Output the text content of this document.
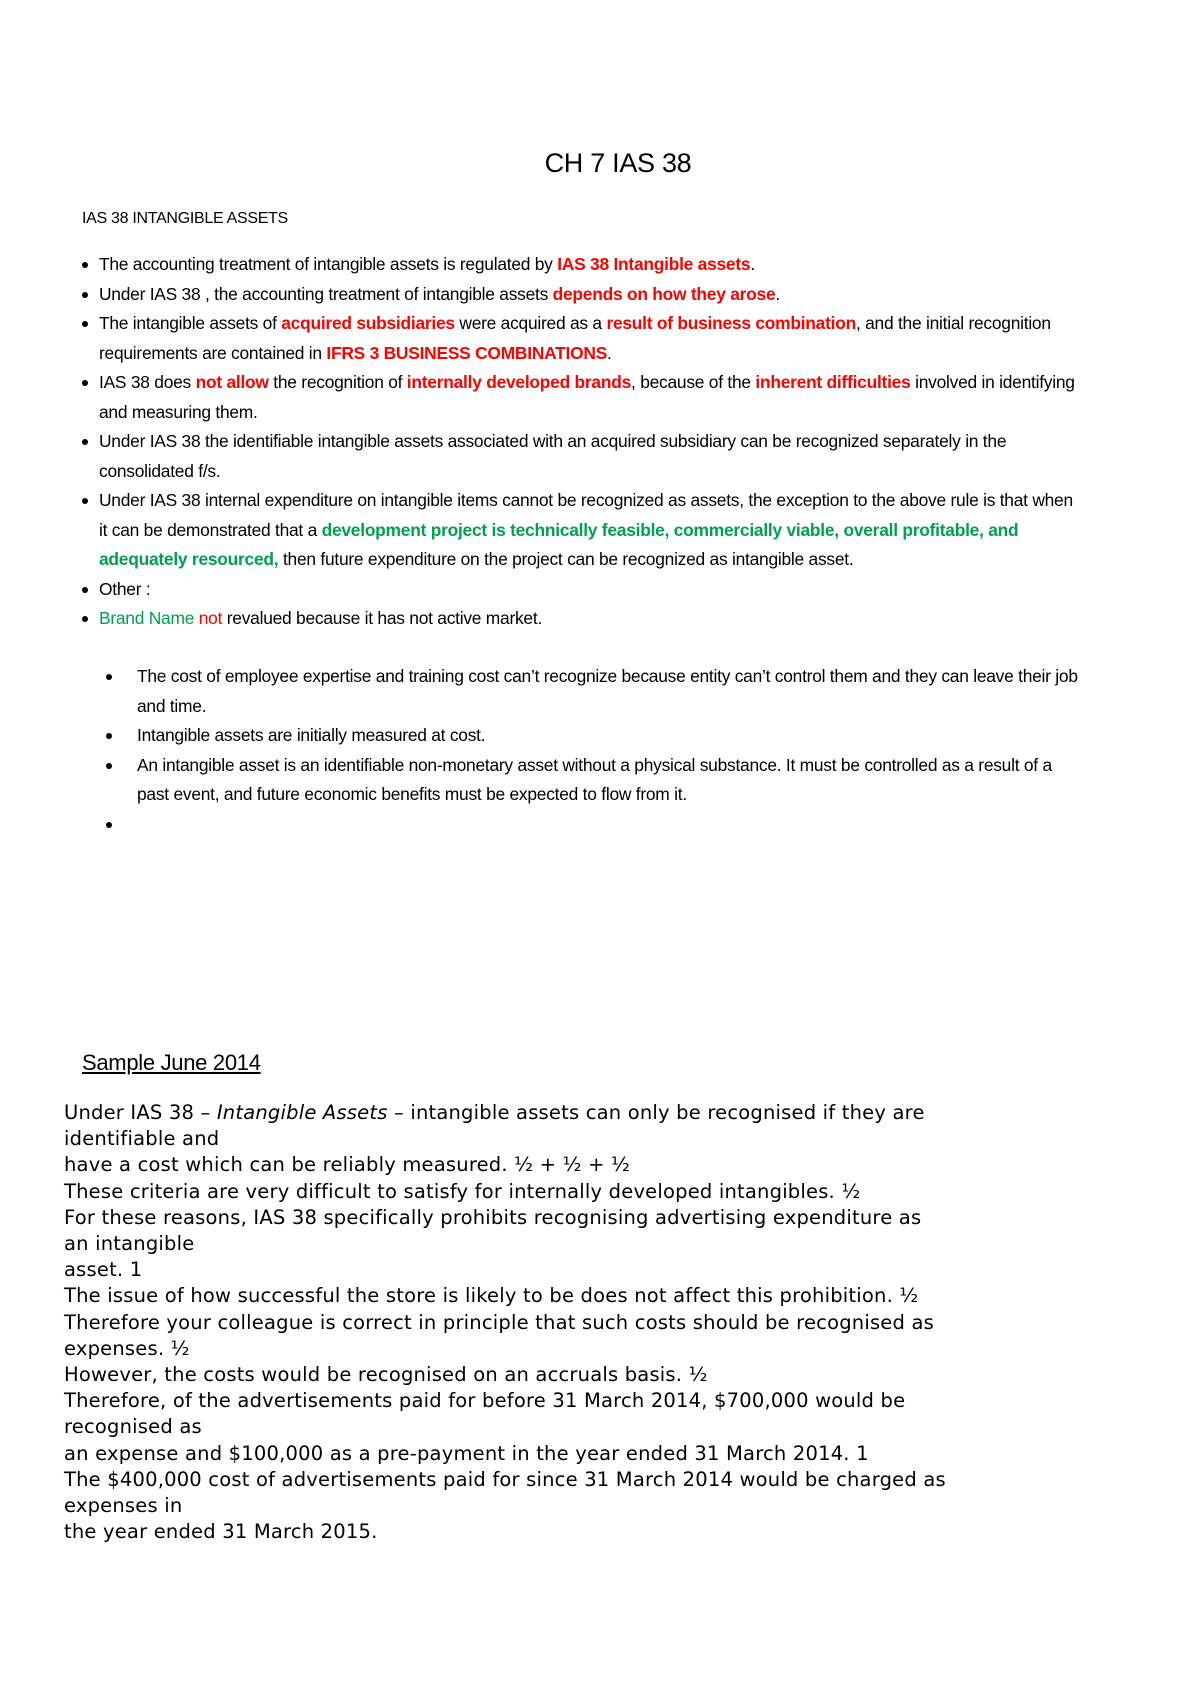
CH 7 IAS 38
IAS 38 INTANGIBLE ASSETS
The accounting treatment of intangible assets is regulated by IAS 38 Intangible assets.
Under IAS 38 , the accounting treatment of intangible assets depends on how they arose.
The intangible assets of acquired subsidiaries were acquired as a result of business combination, and the initial recognition requirements are contained in IFRS 3 BUSINESS COMBINATIONS.
IAS 38 does not allow the recognition of internally developed brands, because of the inherent difficulties involved in identifying and measuring them.
Under IAS 38 the identifiable intangible assets associated with an acquired subsidiary can be recognized separately in the consolidated f/s.
Under IAS 38 internal expenditure on intangible items cannot be recognized as assets, the exception to the above rule is that when it can be demonstrated that a development project is technically feasible, commercially viable, overall profitable, and adequately resourced, then future expenditure on the project can be recognized as intangible asset.
Other :
Brand Name not revalued because it has not active market.
The cost of employee expertise and training cost can’t recognize because entity can’t control them and they can leave their job and time.
Intangible assets are initially measured at cost.
An intangible asset is an identifiable non-monetary asset without a physical substance. It must be controlled as a result of a past event, and future economic benefits must be expected to flow from it.
Sample June 2014
Under IAS 38 – Intangible Assets – intangible assets can only be recognised if they are
identifiable and
have a cost which can be reliably measured. ½ + ½ + ½
These criteria are very difficult to satisfy for internally developed intangibles. ½
For these reasons, IAS 38 specifically prohibits recognising advertising expenditure as
an intangible
asset. 1
The issue of how successful the store is likely to be does not affect this prohibition. ½
Therefore your colleague is correct in principle that such costs should be recognised as
expenses. ½
However, the costs would be recognised on an accruals basis. ½
Therefore, of the advertisements paid for before 31 March 2014, $700,000 would be
recognised as
an expense and $100,000 as a pre-payment in the year ended 31 March 2014. 1
The $400,000 cost of advertisements paid for since 31 March 2014 would be charged as
expenses in
the year ended 31 March 2015.
